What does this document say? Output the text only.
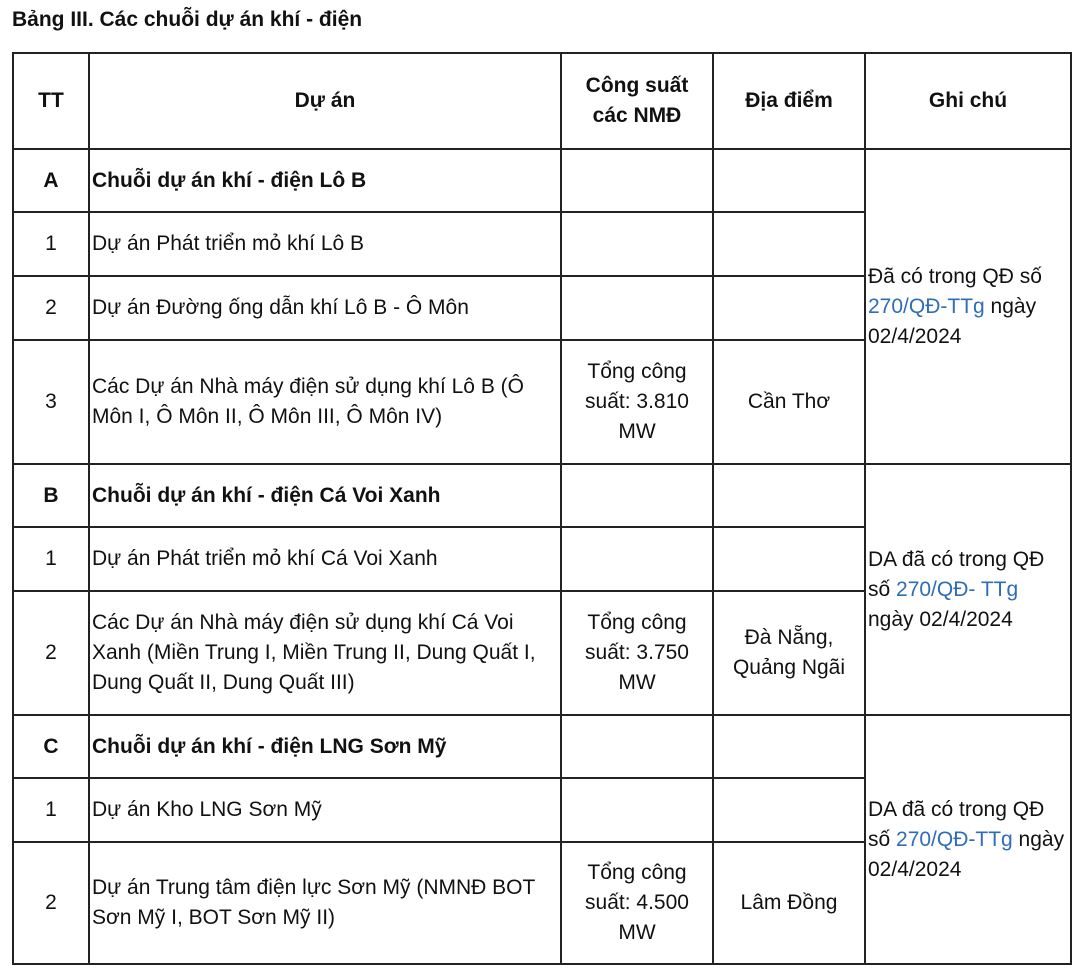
Bảng III. Các chuỗi dự án khí - điện
TT	Dự án	Công suất các NMĐ	Địa điểm	Ghi chú
A	Chuỗi dự án khí - điện Lô B			Đã có trong QĐ số 270/QĐ-TTg ngày 02/4/2024
1	Dự án Phát triển mỏ khí Lô B			
2	Dự án Đường ống dẫn khí Lô B - Ô Môn			
3	Các Dự án Nhà máy điện sử dụng khí Lô B (Ô Môn I, Ô Môn II, Ô Môn III, Ô Môn IV)	Tổng công suất: 3.810 MW	Cần Thơ	
B	Chuỗi dự án khí - điện Cá Voi Xanh			DA đã có trong QĐ số 270/QĐ- TTg ngày 02/4/2024
1	Dự án Phát triển mỏ khí Cá Voi Xanh			
2	Các Dự án Nhà máy điện sử dụng khí Cá Voi Xanh (Miền Trung I, Miền Trung II, Dung Quất I, Dung Quất II, Dung Quất III)	Tổng công suất: 3.750 MW	Đà Nẵng, Quảng Ngãi	
C	Chuỗi dự án khí - điện LNG Sơn Mỹ			DA đã có trong QĐ số 270/QĐ-TTg ngày 02/4/2024
1	Dự án Kho LNG Sơn Mỹ			
2	Dự án Trung tâm điện lực Sơn Mỹ (NMNĐ BOT Sơn Mỹ I, BOT Sơn Mỹ II)	Tổng công suất: 4.500 MW	Lâm Đồng	
